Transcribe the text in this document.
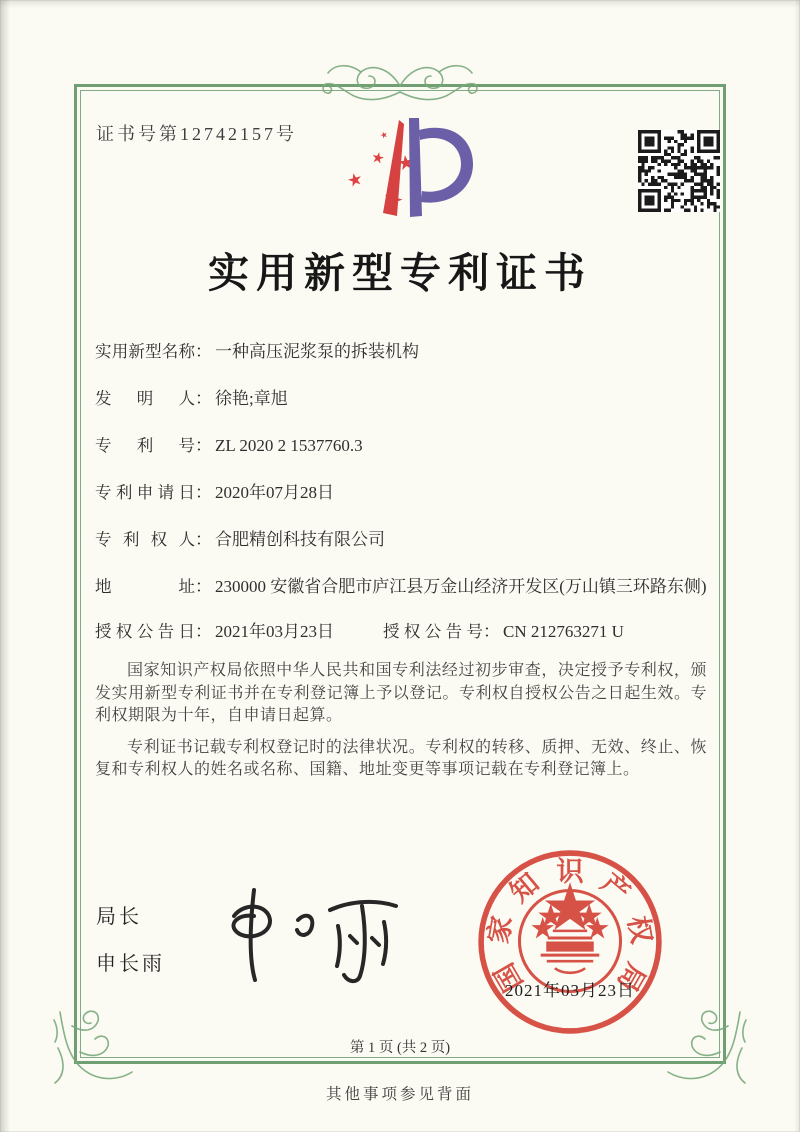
证书号第12742157号
实用新型专利证书
实用新型名称 ： 一种高压泥浆泵的拆装机构
发明人 ： 徐艳;章旭
专利号 ： ZL 2020 2 1537760.3
专利申请日 ： 2020年07月28日
专利权人 ： 合肥精创科技有限公司
地址 ： 230000 安徽省合肥市庐江县万金山经济开发区(万山镇三环路东侧)
授权公告日 ： 2021年03月23日	授权公告号 ： CN 212763271 U

国家知识产权局依照中华人民共和国专利法经过初步审查，决定授予专利权，颁发实用新型专利证书并在专利登记簿上予以登记。专利权自授权公告之日起生效。专利权期限为十年，自申请日起算。

专利证书记载专利权登记时的法律状况。专利权的转移、质押、无效、终止、恢复和专利权人的姓名或名称、国籍、地址变更等事项记载在专利登记簿上。

局长
申长雨	国
家
知 识 产
权
局
2021年03月23日
第 1 页 (共 2 页)
其他事项参见背面
